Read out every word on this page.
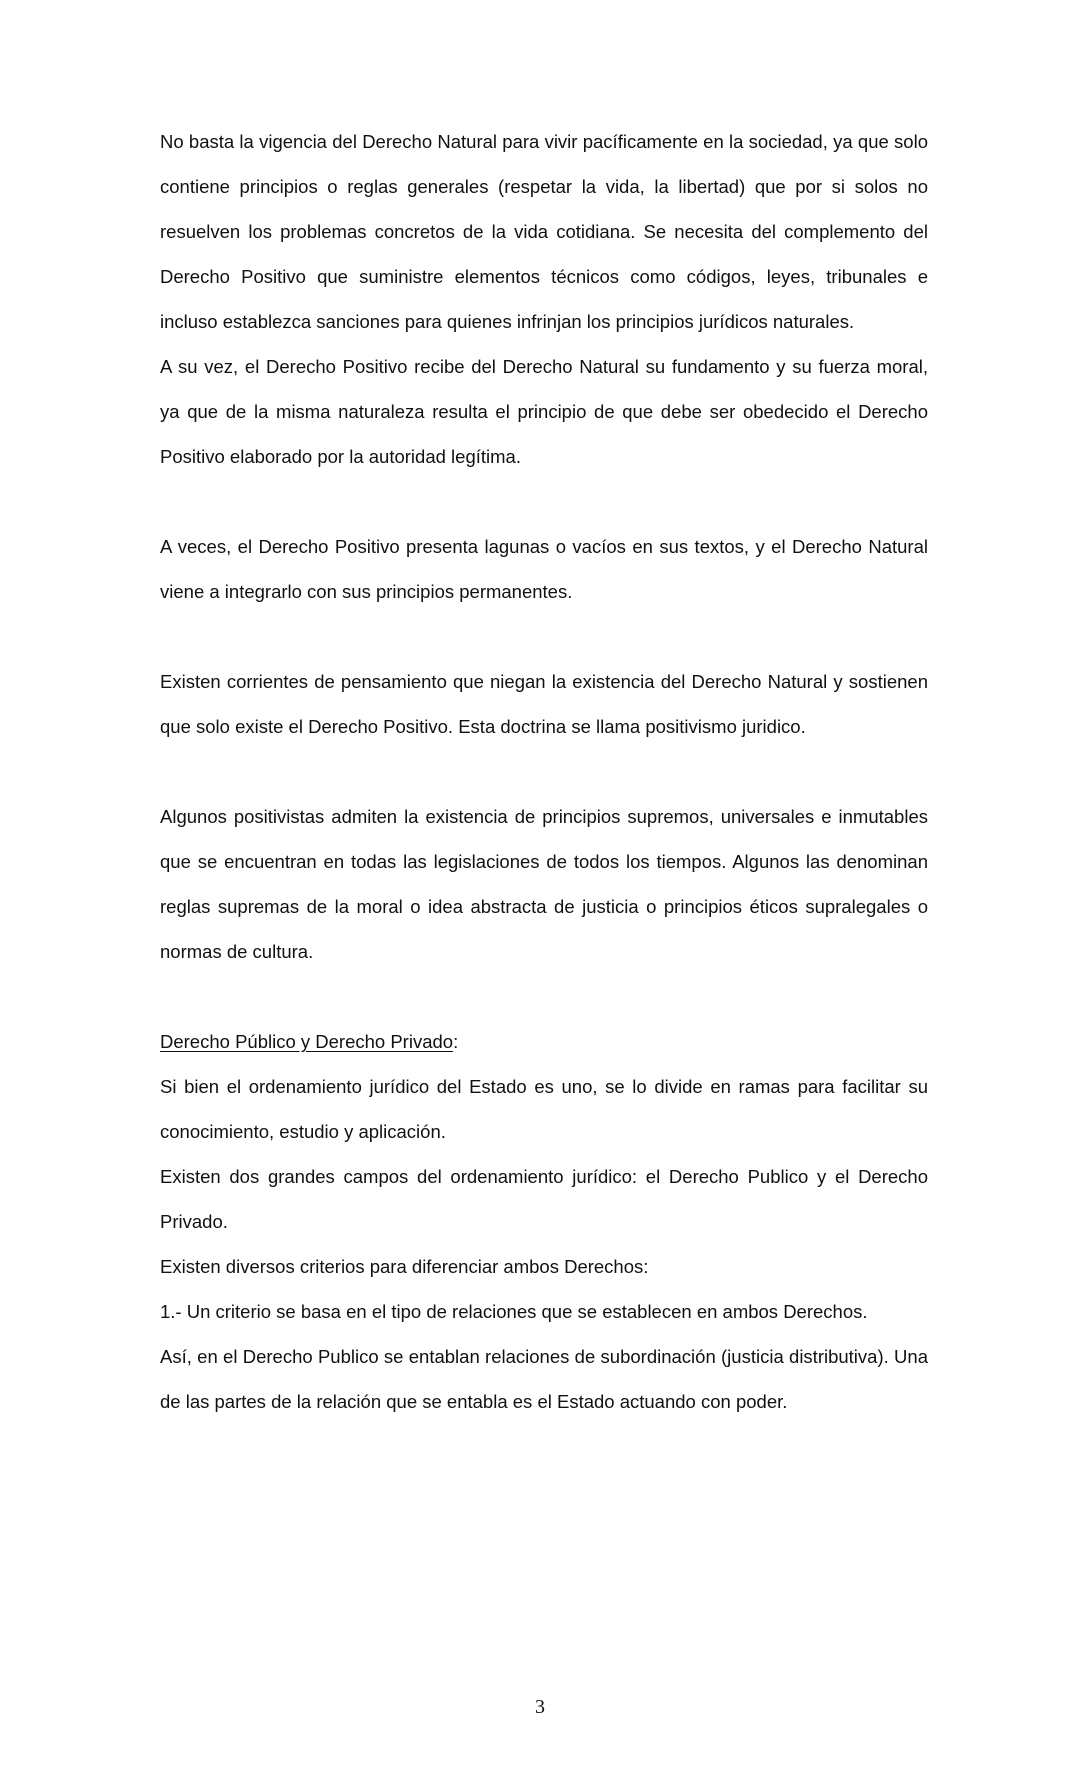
No basta la vigencia del Derecho Natural para vivir pacíficamente en la sociedad, ya que solo contiene principios o reglas generales (respetar la vida, la libertad) que por si solos no resuelven los problemas concretos de la vida cotidiana. Se necesita del complemento del Derecho Positivo que suministre elementos técnicos como códigos, leyes, tribunales e incluso establezca sanciones para quienes infrinjan los principios jurídicos naturales.

A su vez, el Derecho Positivo recibe del Derecho Natural su fundamento y su fuerza moral, ya que de la misma naturaleza resulta el principio de que debe ser obedecido el Derecho Positivo elaborado por la autoridad legítima.

A veces, el Derecho Positivo presenta lagunas o vacíos en sus textos, y el Derecho Natural viene a integrarlo con sus principios permanentes.

Existen corrientes de pensamiento que niegan la existencia del Derecho Natural y sostienen que solo existe el Derecho Positivo. Esta doctrina se llama positivismo juridico.

Algunos positivistas admiten la existencia de principios supremos, universales e inmutables que se encuentran en todas las legislaciones de todos los tiempos. Algunos las denominan reglas supremas de la moral o idea abstracta de justicia o principios éticos supralegales o normas de cultura.

Derecho Público y Derecho Privado:

Si bien el ordenamiento jurídico del Estado es uno, se lo divide en ramas para facilitar su conocimiento, estudio y aplicación.

Existen dos grandes campos del ordenamiento jurídico: el Derecho Publico y el Derecho Privado.

Existen diversos criterios para diferenciar ambos Derechos:

1.- Un criterio se basa en el tipo de relaciones que se establecen en ambos Derechos.

Así, en el Derecho Publico se entablan relaciones de subordinación (justicia distributiva). Una de las partes de la relación que se entabla es el Estado actuando con poder.

3
